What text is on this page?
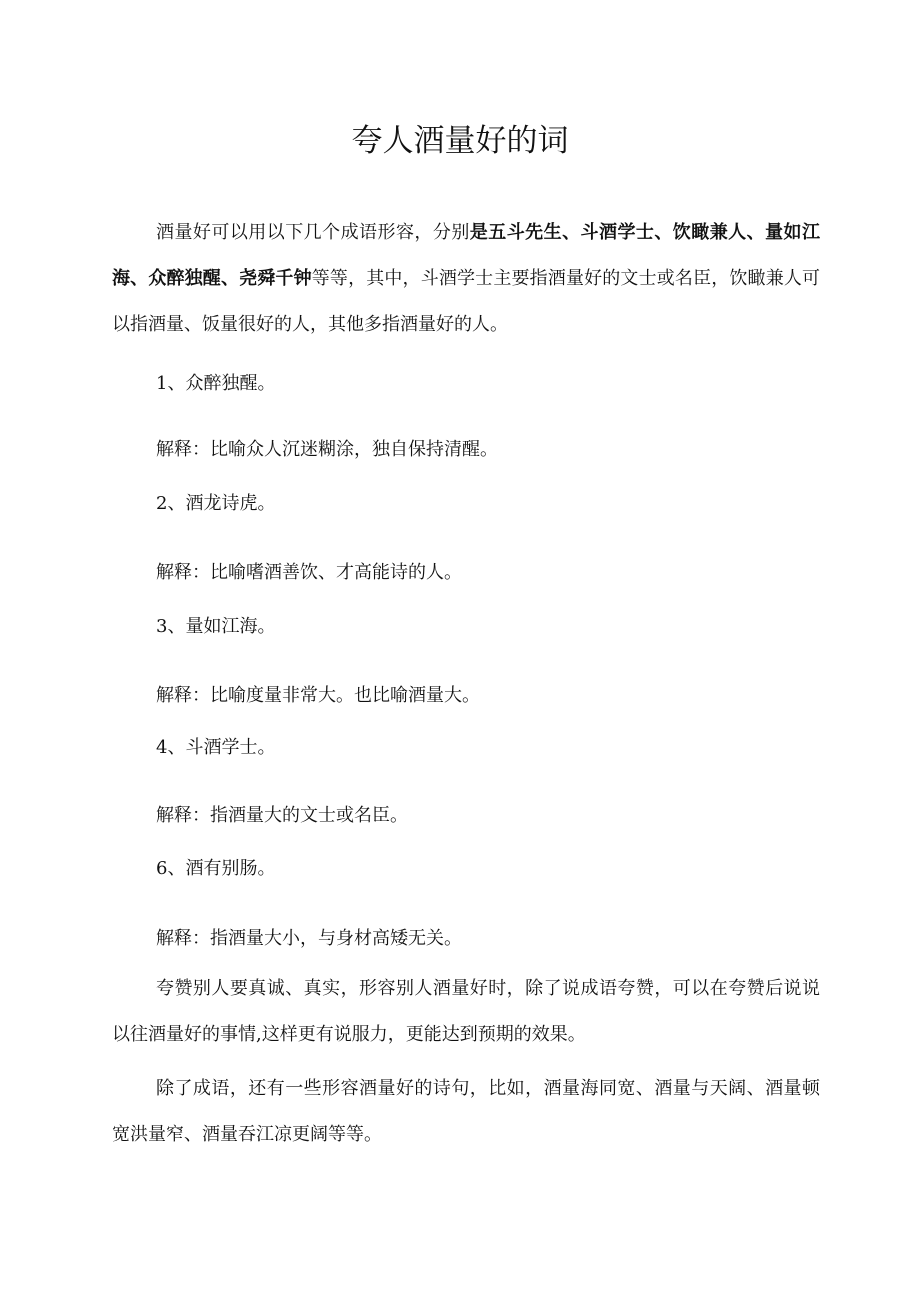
夸人酒量好的词

酒量好可以用以下几个成语形容，分别是五斗先生、斗酒学士、饮瞰兼人、量如江海、众醉独醒、尧舜千钟等等，其中，斗酒学士主要指酒量好的文士或名臣，饮瞰兼人可以指酒量、饭量很好的人，其他多指酒量好的人。

1、众醉独醒。

解释：比喻众人沉迷糊涂，独自保持清醒。

2、酒龙诗虎。

解释：比喻嗜酒善饮、才高能诗的人。

3、量如江海。

解释：比喻度量非常大。也比喻酒量大。

4、斗酒学士。

解释：指酒量大的文士或名臣。

6、酒有别肠。

解释：指酒量大小，与身材高矮无关。

夸赞别人要真诚、真实，形容别人酒量好时，除了说成语夸赞，可以在夸赞后说说以往酒量好的事情,这样更有说服力，更能达到预期的效果。

除了成语，还有一些形容酒量好的诗句，比如，酒量海同宽、酒量与天阔、酒量顿宽洪量窄、酒量吞江凉更阔等等。
